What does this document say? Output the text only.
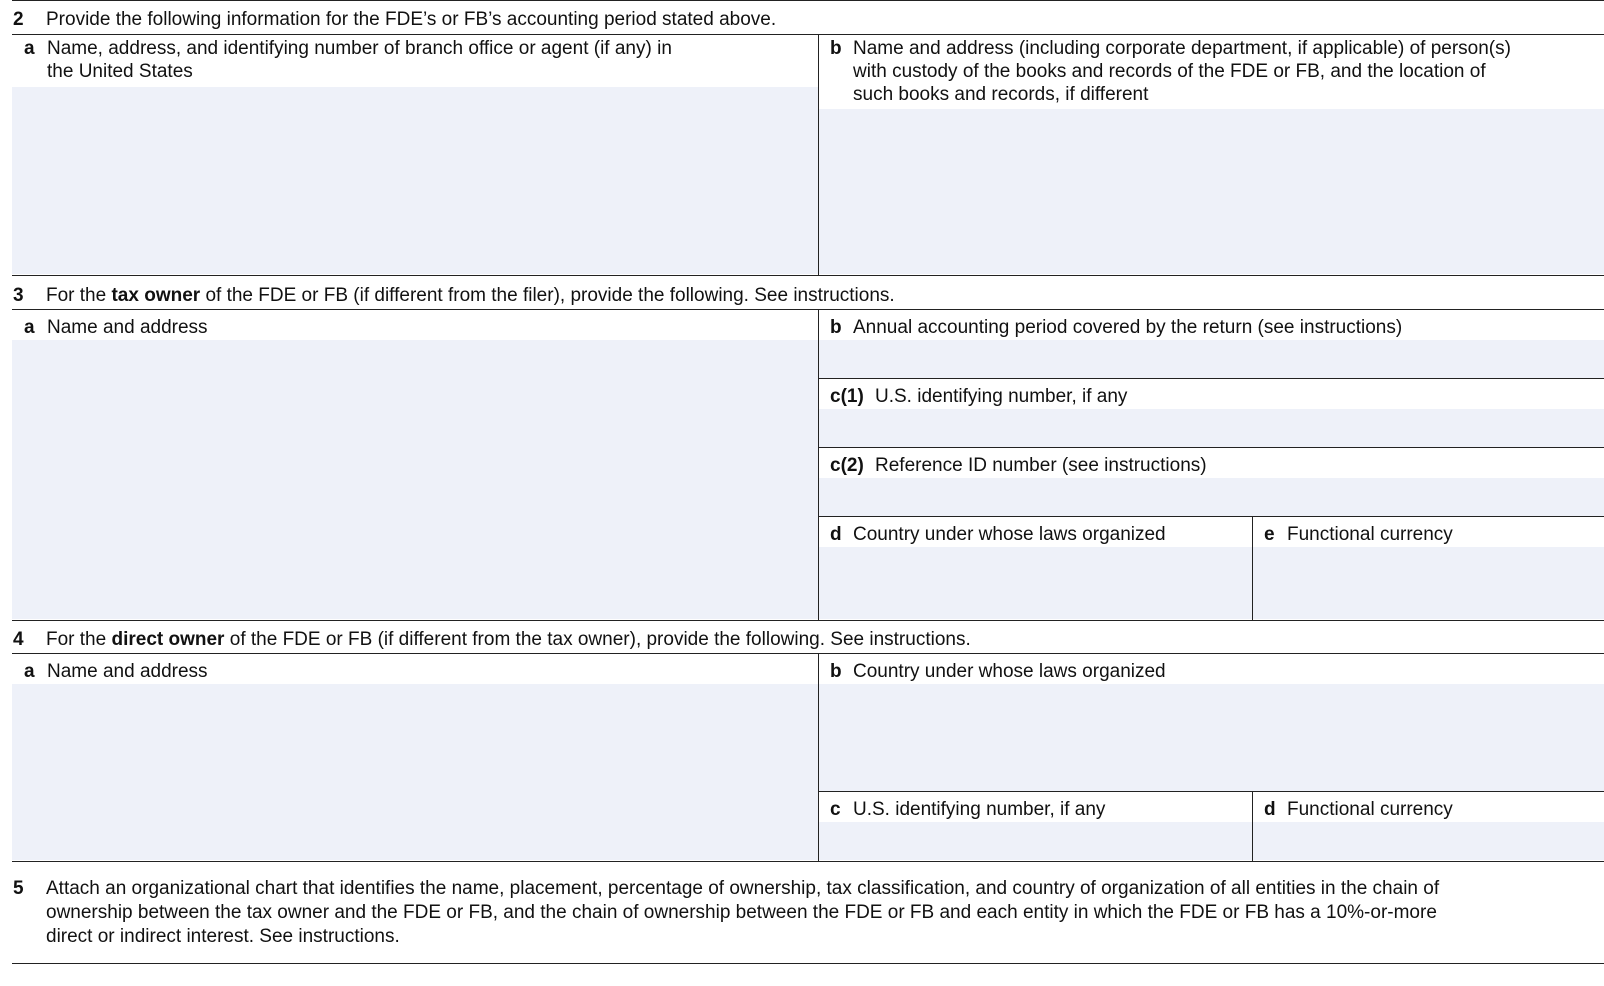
2 Provide the following information for the FDE’s or FB’s accounting period stated above.
a Name, address, and identifying number of branch office or agent (if any) in
the United States
b Name and address (including corporate department, if applicable) of person(s)
with custody of the books and records of the FDE or FB, and the location of
such books and records, if different
3 For the tax owner of the FDE or FB (if different from the filer), provide the following. See instructions.
a Name and address	b Annual accounting period covered by the return (see instructions)
c(1) U.S. identifying number, if any
c(2) Reference ID number (see instructions)
d Country under whose laws organized	e Functional currency
4 For the direct owner of the FDE or FB (if different from the tax owner), provide the following. See instructions.
a Name and address	b Country under whose laws organized
c U.S. identifying number, if any	d Functional currency
5 Attach an organizational chart that identifies the name, placement, percentage of ownership, tax classification, and country of organization of all entities in the chain of
ownership between the tax owner and the FDE or FB, and the chain of ownership between the FDE or FB and each entity in which the FDE or FB has a 10%-or-more
direct or indirect interest. See instructions.
